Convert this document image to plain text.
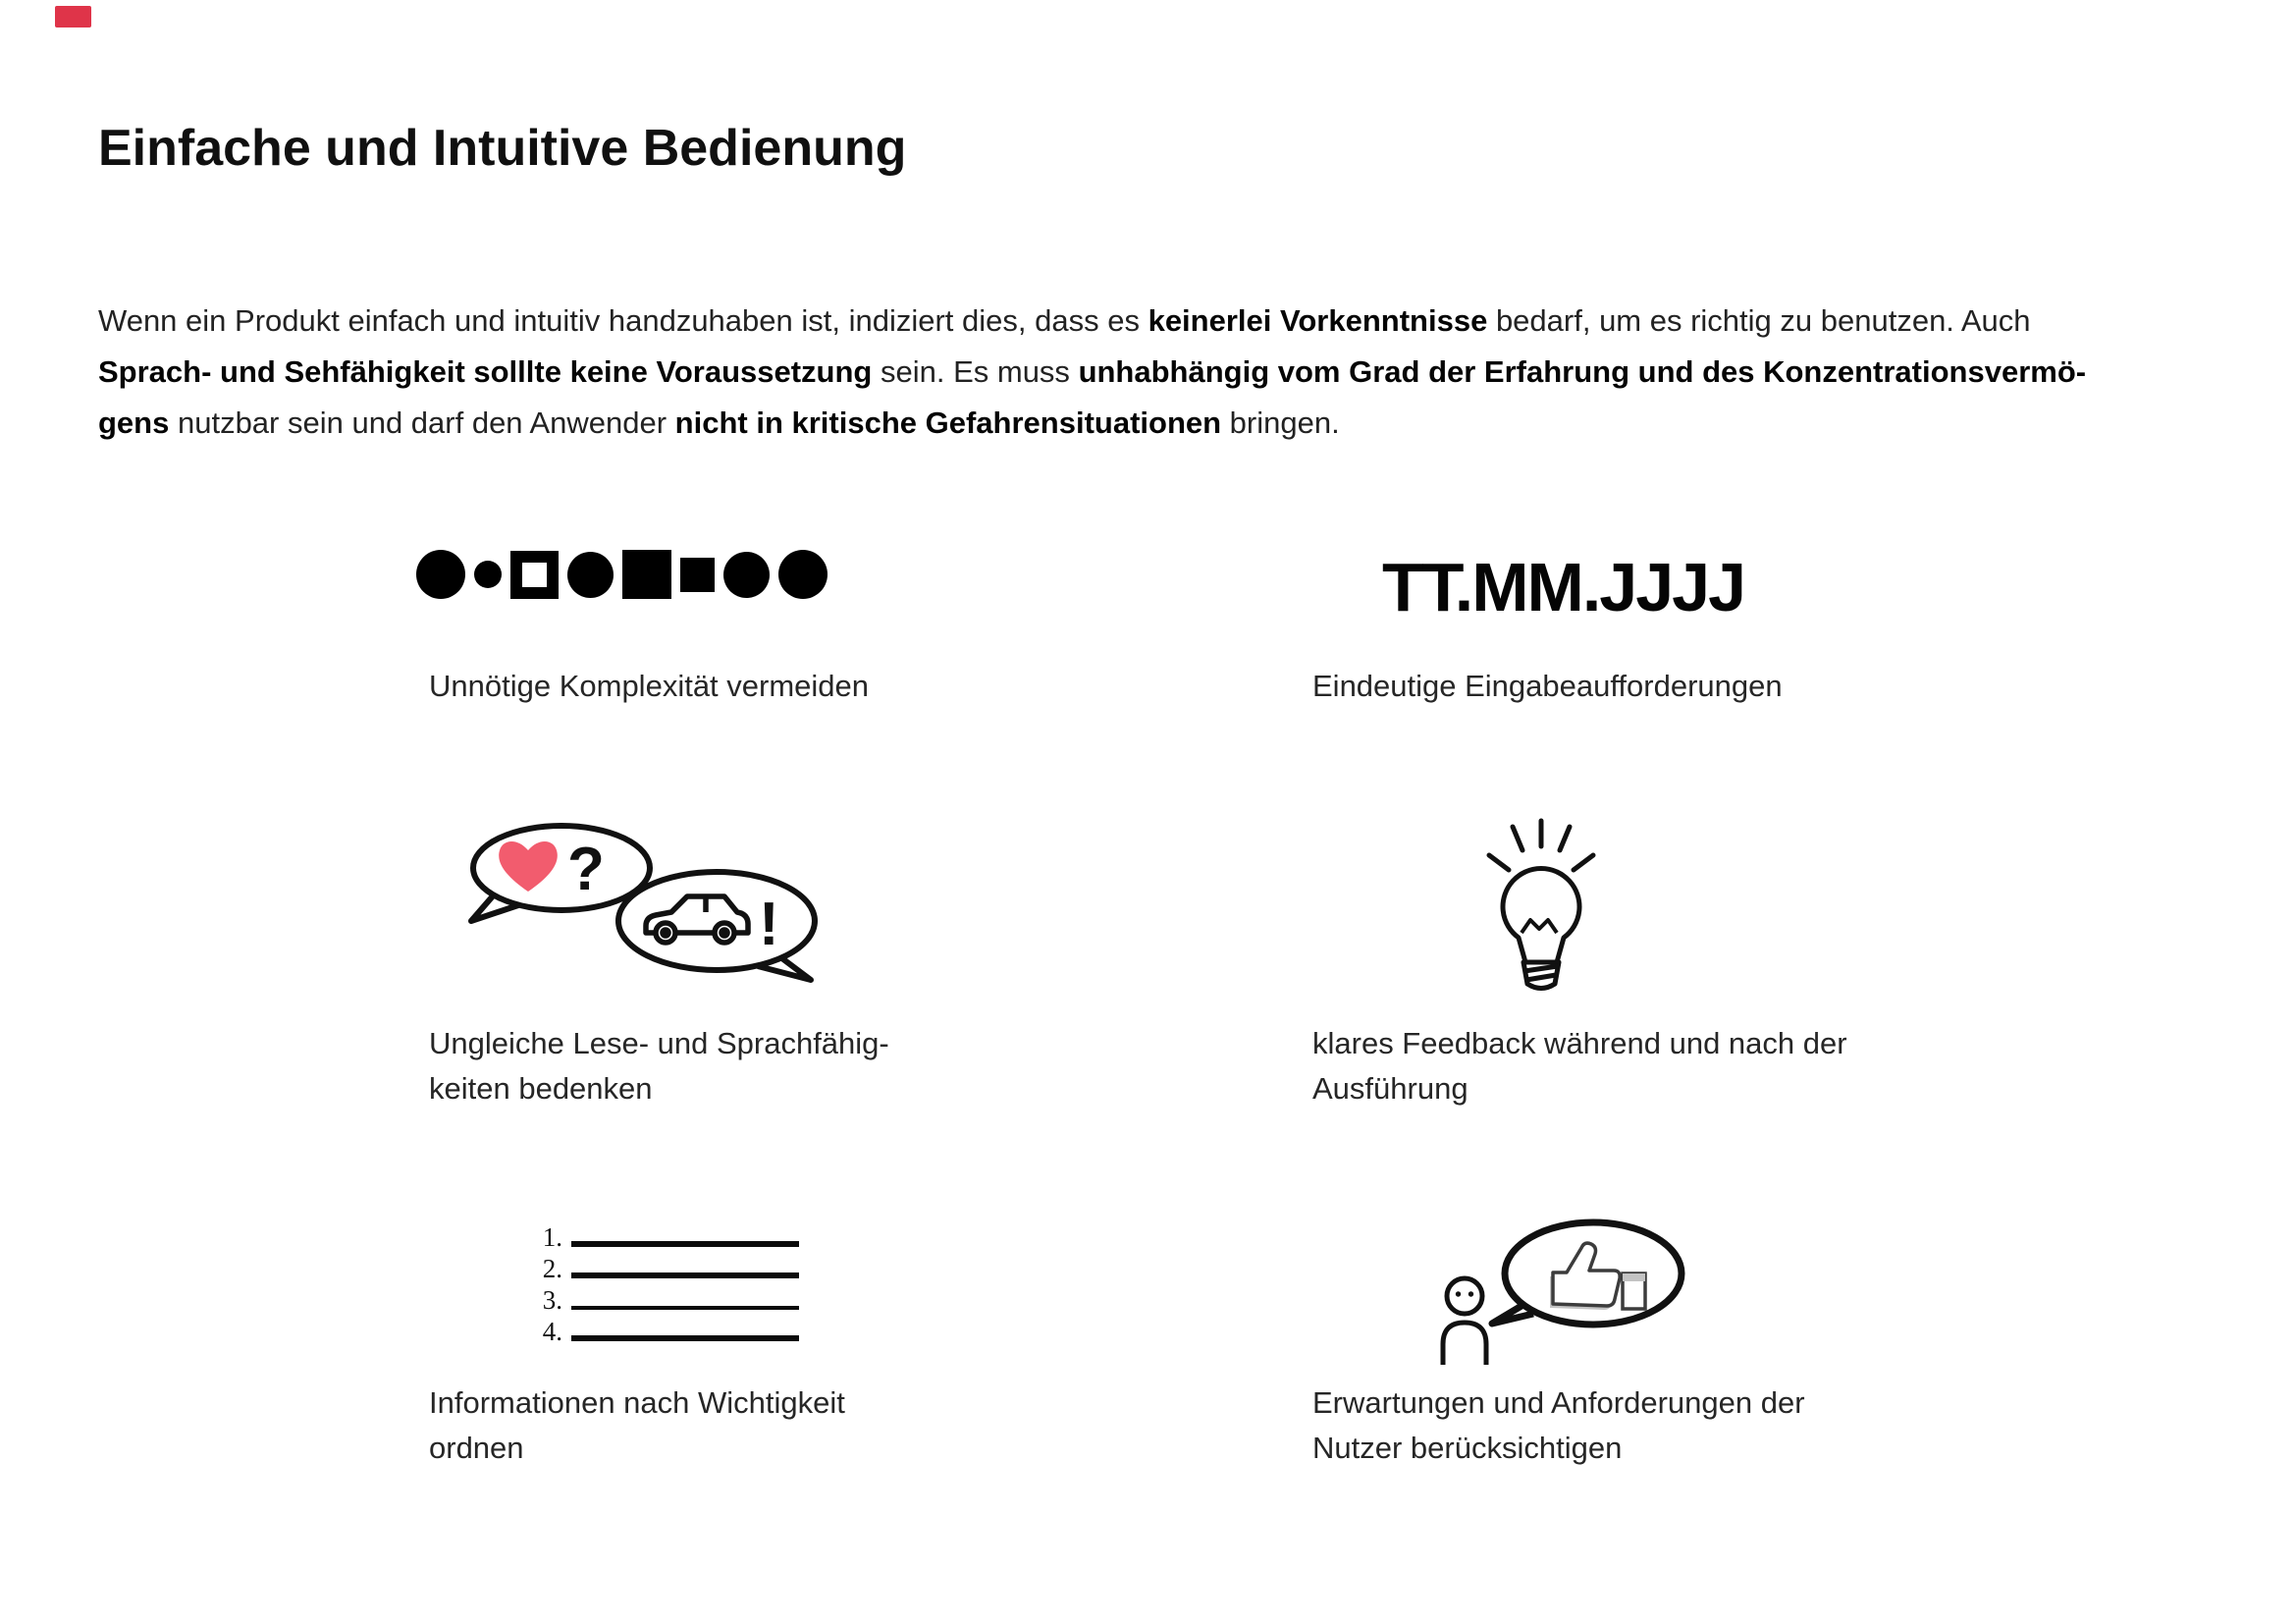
Einfache und Intuitive Bedienung

Wenn ein Produkt einfach und intuitiv handzuhaben ist, indiziert dies, dass es keinerlei Vorkenntnisse bedarf, um es richtig zu benutzen. Auch
Sprach- und Sehfähigkeit solllte keine Voraussetzung sein. Es muss unhabhängig vom Grad der Erfahrung und des Konzentrationsvermö-
gens nutzbar sein und darf den Anwender nicht in kritische Gefahrensituationen bringen.

Unnötige Komplexität vermeiden
TT.MM.JJJJ
Eindeutige Eingabeaufforderungen
?
!
Ungleiche Lese- und Sprachfähig-
keiten bedenken
klares Feedback während und nach der
Ausführung
1.
2.
3.
4.
Informationen nach Wichtigkeit
ordnen
Erwartungen und Anforderungen der
Nutzer berücksichtigen
